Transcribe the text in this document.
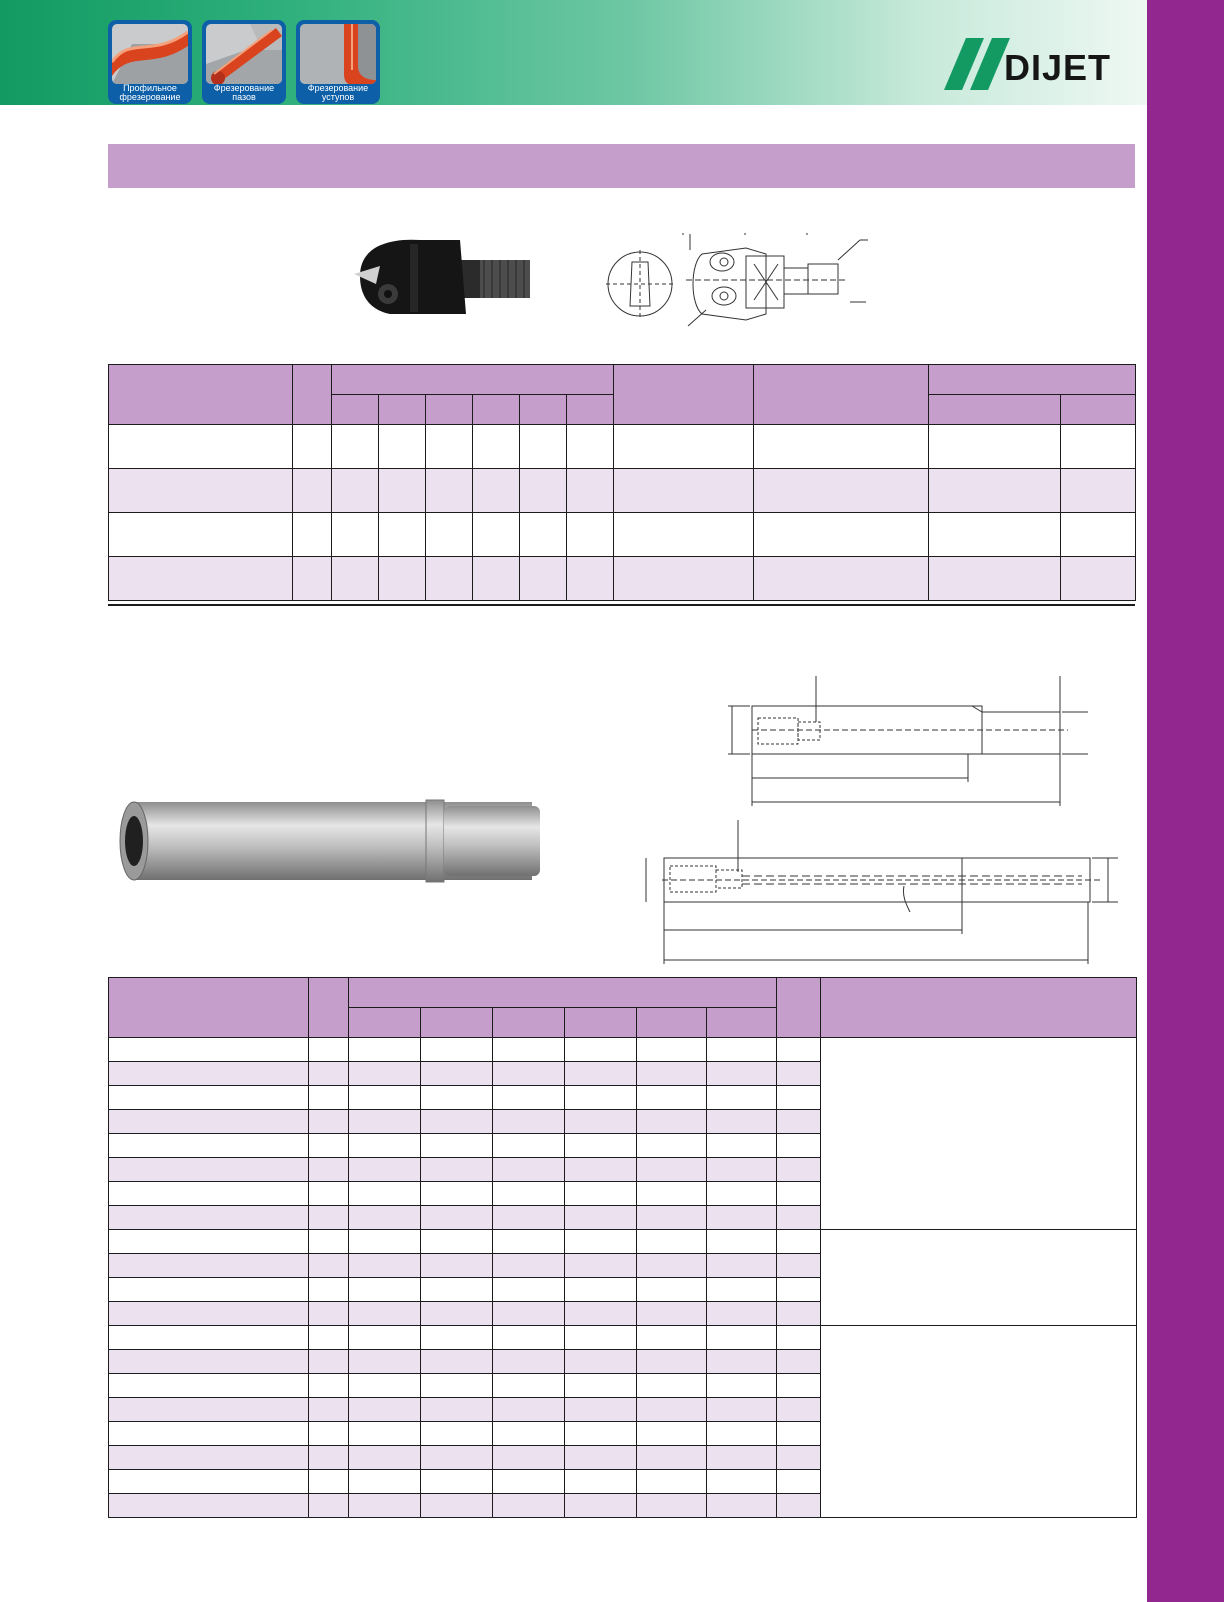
Профильное фрезерование
Фрезерование пазов
Фрезерование уступов
DIJET
